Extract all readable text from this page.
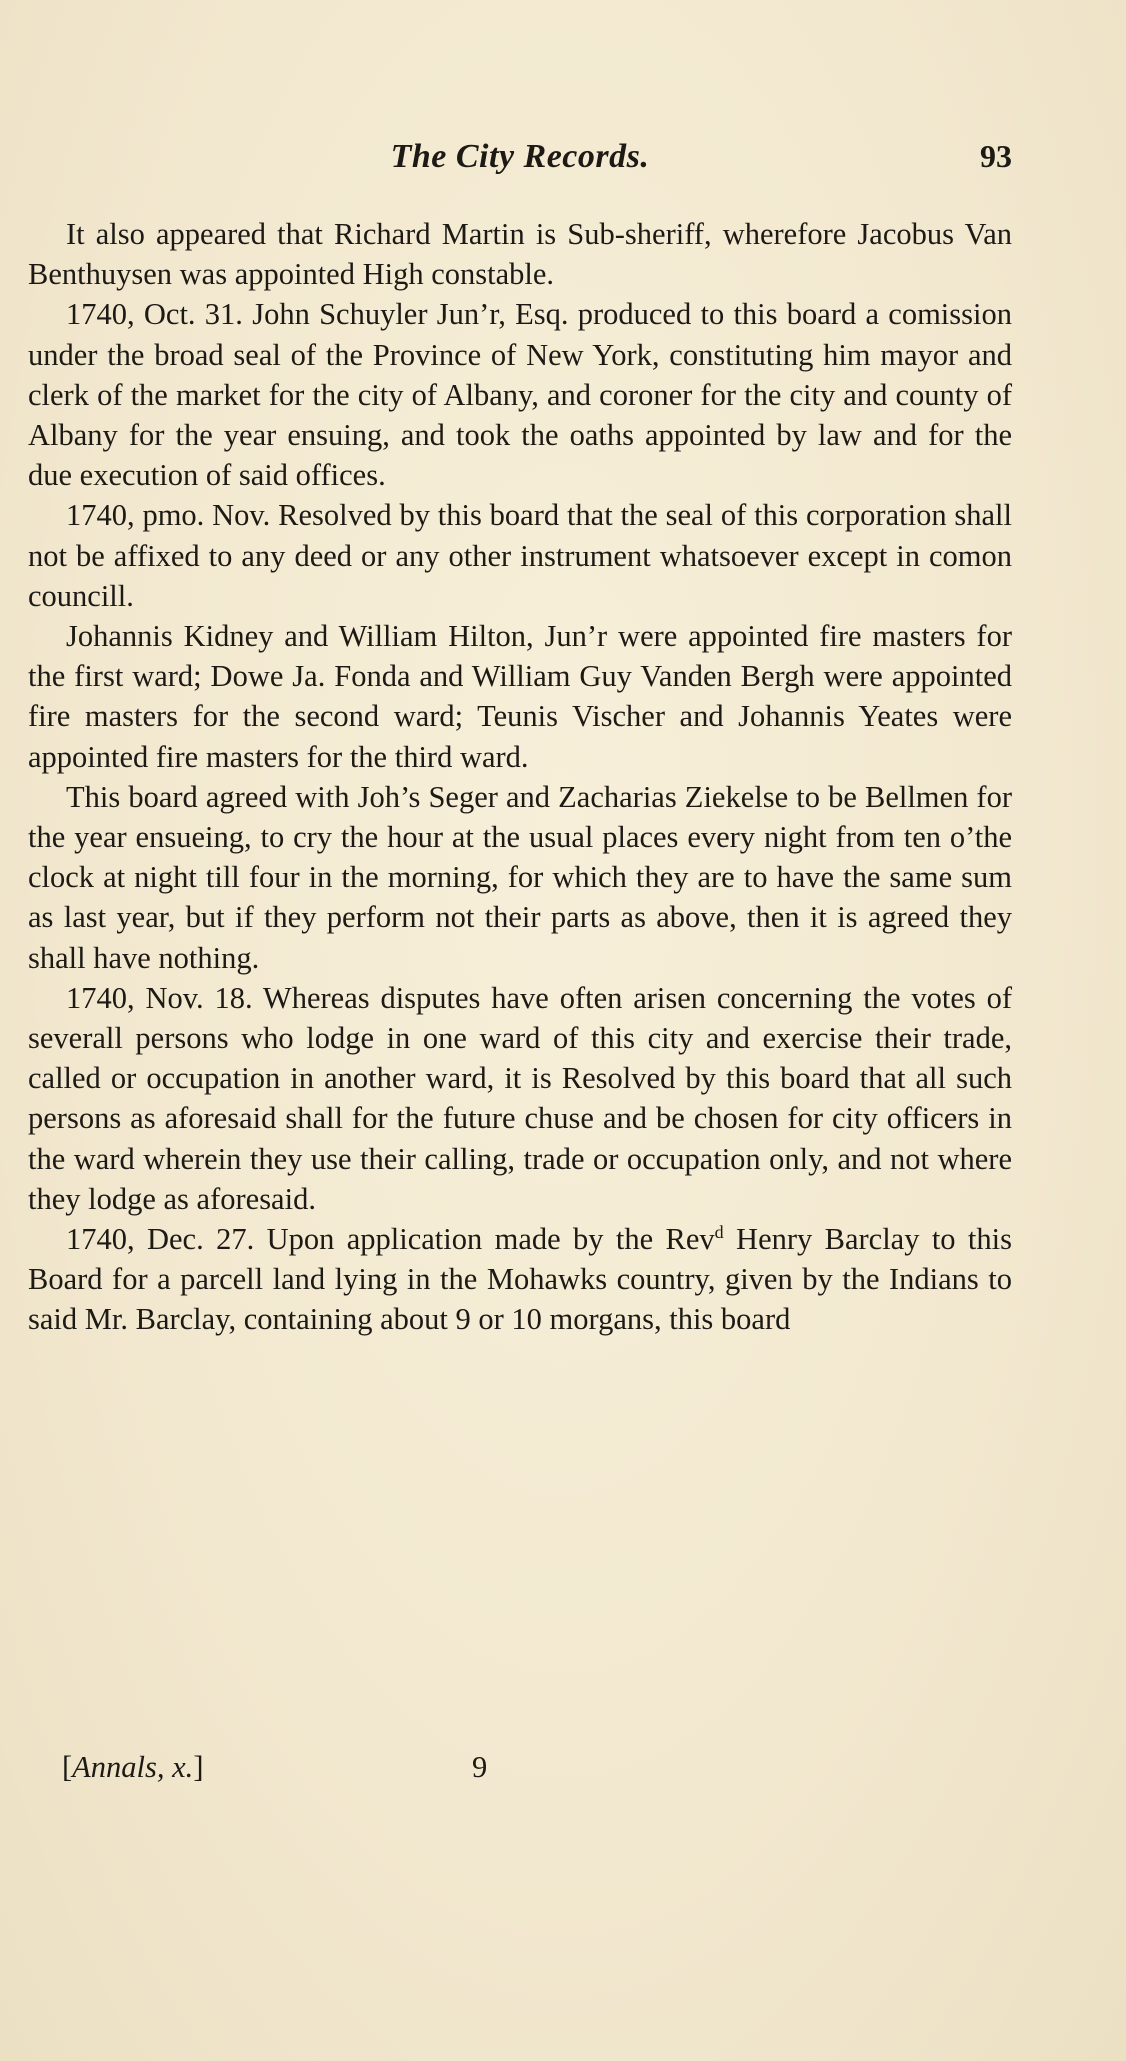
The City Records.	93

It also appeared that Richard Martin is Sub-sheriff, wherefore Jacobus Van Benthuysen was appointed High constable.

1740, Oct. 31. John Schuyler Jun’r, Esq. produced to this board a comission under the broad seal of the Province of New York, constituting him mayor and clerk of the market for the city of Albany, and coroner for the city and county of Albany for the year ensuing, and took the oaths appointed by law and for the due execution of said offices.

1740, pmo. Nov. Resolved by this board that the seal of this corporation shall not be affixed to any deed or any other instrument whatsoever except in comon councill.

Johannis Kidney and William Hilton, Jun’r were appointed fire masters for the first ward; Dowe Ja. Fonda and William Guy Vanden Bergh were appointed fire masters for the second ward; Teunis Vischer and Johannis Yeates were appointed fire masters for the third ward.

This board agreed with Joh’s Seger and Zacharias Ziekelse to be Bellmen for the year ensueing, to cry the hour at the usual places every night from ten o’the clock at night till four in the morning, for which they are to have the same sum as last year, but if they perform not their parts as above, then it is agreed they shall have nothing.

1740, Nov. 18. Whereas disputes have often arisen concerning the votes of severall persons who lodge in one ward of this city and exercise their trade, called or occupation in another ward, it is Resolved by this board that all such persons as aforesaid shall for the future chuse and be chosen for city officers in the ward wherein they use their calling, trade or occupation only, and not where they lodge as aforesaid.

1740, Dec. 27. Upon application made by the Rev$^d$ Henry Barclay to this Board for a parcell land lying in the Mohawks country, given by the Indians to said Mr. Barclay, containing about 9 or 10 morgans, this board

[Annals, x.]	9
